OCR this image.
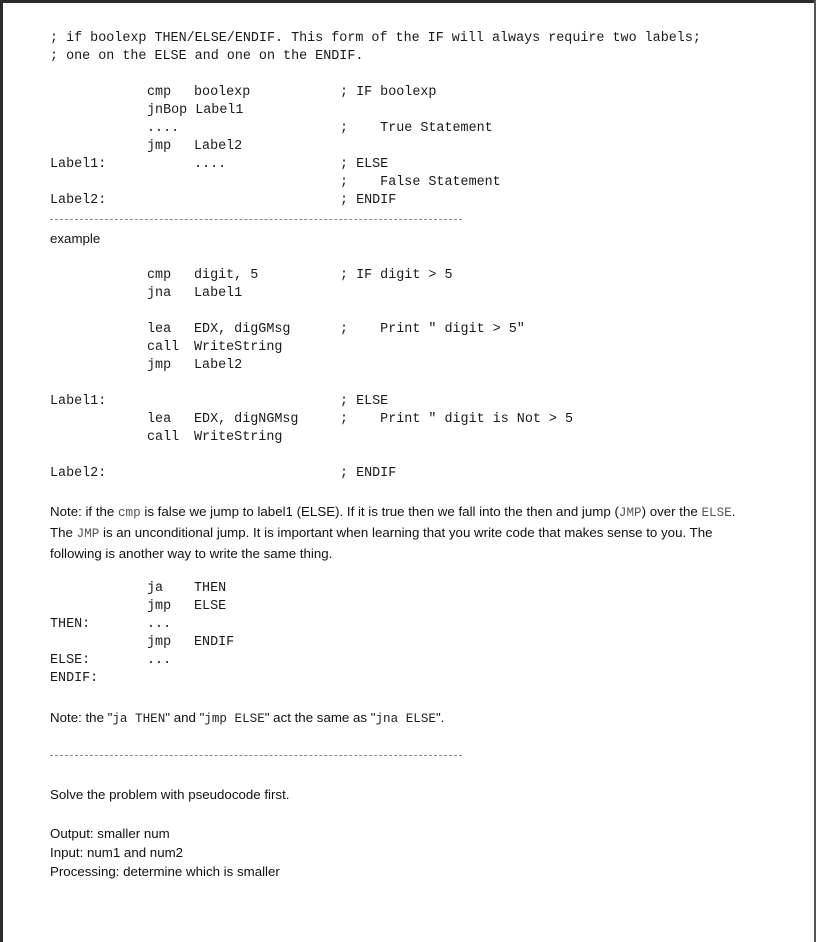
; if boolexp THEN/ELSE/ENDIF. This form of the IF will always require two labels;
; one on the ELSE and one on the ENDIF.
cmp boolexp	; IF boolexp
jnBop Label1
....	;    True Statement
jmp Label2
Label1:	....	; ELSE
;    False Statement
Label2:	; ENDIF
example
cmp digit, 5	; IF digit > 5
jna Label1
lea EDX, digGMsg	;    Print " digit > 5"
call WriteString
jmp Label2
Label1:	; ELSE
lea EDX, digNGMsg	;    Print " digit is Not > 5
call WriteString
Label2:	; ENDIF
Note: if the cmp is false we jump to label1 (ELSE). If it is true then we fall into the then and jump (JMP) over the ELSE.
The JMP is an unconditional jump. It is important when learning that you write code that makes sense to you. The
following is another way to write the same thing.
ja THEN
jmp ELSE
THEN:	...
jmp ENDIF
ELSE:	...
ENDIF:
Note: the "ja THEN" and "jmp ELSE" act the same as "jna ELSE".
Solve the problem with pseudocode first.
Output: smaller num
Input: num1 and num2
Processing: determine which is smaller
